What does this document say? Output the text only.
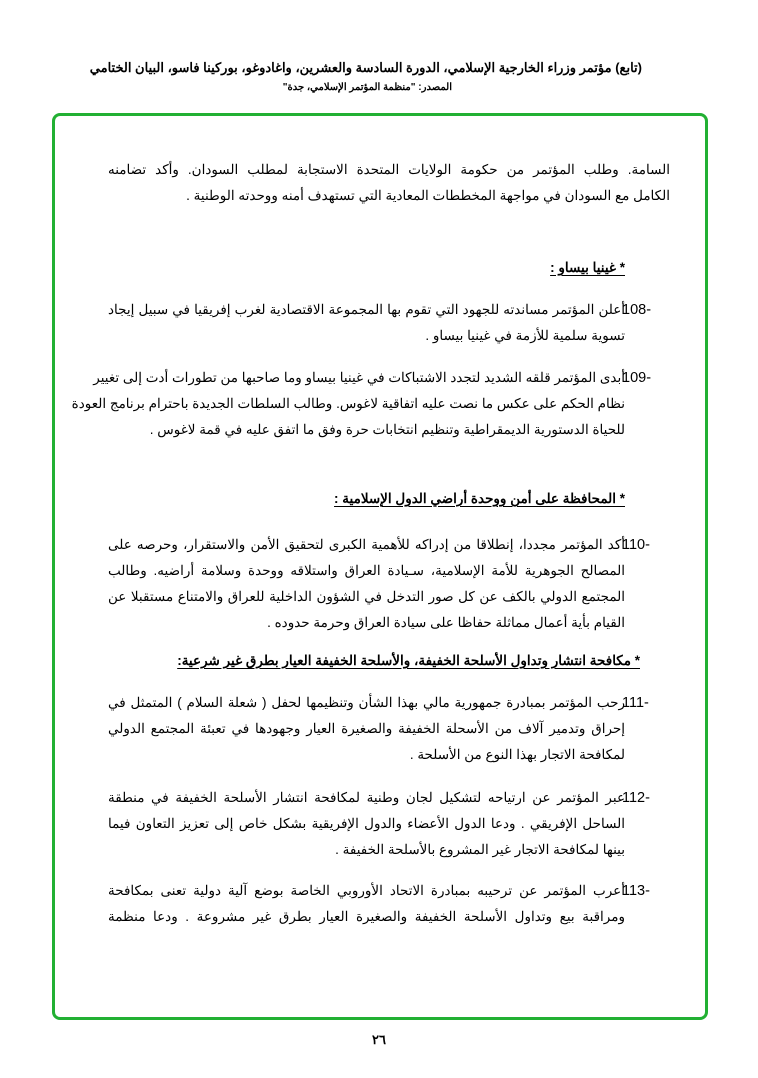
(تابع) مؤتمر وزراء الخارجية الإسلامي، الدورة السادسة والعشرين، واغادوغو، بوركينا فاسو، البيان الختامي
المصدر: "منظمة المؤتمر الإسلامي، جدة"
السامة. وطلب المؤتمر من حكومة الولايات المتحدة الاستجابة لمطلب السودان. وأكد تضامنه
الكامل مع السودان في مواجهة المخططات المعادية التي تستهدف أمنه ووحدته الوطنية .
* غينيا بيساو :
108-
أعلن المؤتمر مساندته للجهود التي تقوم بها المجموعة الاقتصادية لغرب إفريقيا في سبيل إيجاد
تسوية سلمية للأزمة في غينيا بيساو .
109-
أبدى المؤتمر قلقه الشديد لتجدد الاشتباكات في غينيا بيساو وما صاحبها من تطورات أدت إلى تغيير
نظام الحكم على عكس ما نصت عليه اتفاقية لاغوس. وطالب السلطات الجديدة باحترام برنامج العودة
للحياة الدستورية الديمقراطية وتنظيم انتخابات حرة وفق ما اتفق عليه في قمة لاغوس .
* المحافظة على أمن ووحدة أراضي الدول الإسلامية :
110-
أكد المؤتمر مجددا، إنطلاقا من إدراكه للأهمية الكبرى لتحقيق الأمن والاستقرار، وحرصه على
المصالح الجوهرية للأمة الإسلامية، سـيادة العراق واستلاقه ووحدة وسلامة أراضيه. وطالب
المجتمع الدولي بالكف عن كل صور التدخل في الشؤون الداخلية للعراق والامتناع مستقبلا عن
القيام بأية أعمال مماثلة حفاظا على سيادة العراق وحرمة حدوده .
* مكافحة انتشار وتداول الأسلحة الخفيفة، والأسلحة الخفيفة العيار بطرق غير شرعية:
111-
رحب المؤتمر بمبادرة جمهورية مالي بهذا الشأن وتنظيمها لحفل ( شعلة السلام ) المتمثل في
إحراق وتدمير آلاف من الأسحلة الخفيفة والصغيرة العيار وجهودها في تعبئة المجتمع الدولي
لمكافحة الاتجار بهذا النوع من الأسلحة .
112-
عبر المؤتمر عن ارتياحه لتشكيل لجان وطنية لمكافحة انتشار الأسلحة الخفيفة في منطقة
الساحل الإفريقي . ودعا الدول الأعضاء والدول الإفريقية بشكل خاص إلى تعزيز التعاون فيما
بينها لمكافحة الاتجار غير المشروع بالأسلحة الخفيفة .
113-
أعرب المؤتمر عن ترحيبه بمبادرة الاتحاد الأوروبي الخاصة بوضع آلية دولية تعنى بمكافحة
ومراقبة بيع وتداول الأسلحة الخفيفة والصغيرة العيار بطرق غير مشروعة . ودعا منظمة
٢٦
